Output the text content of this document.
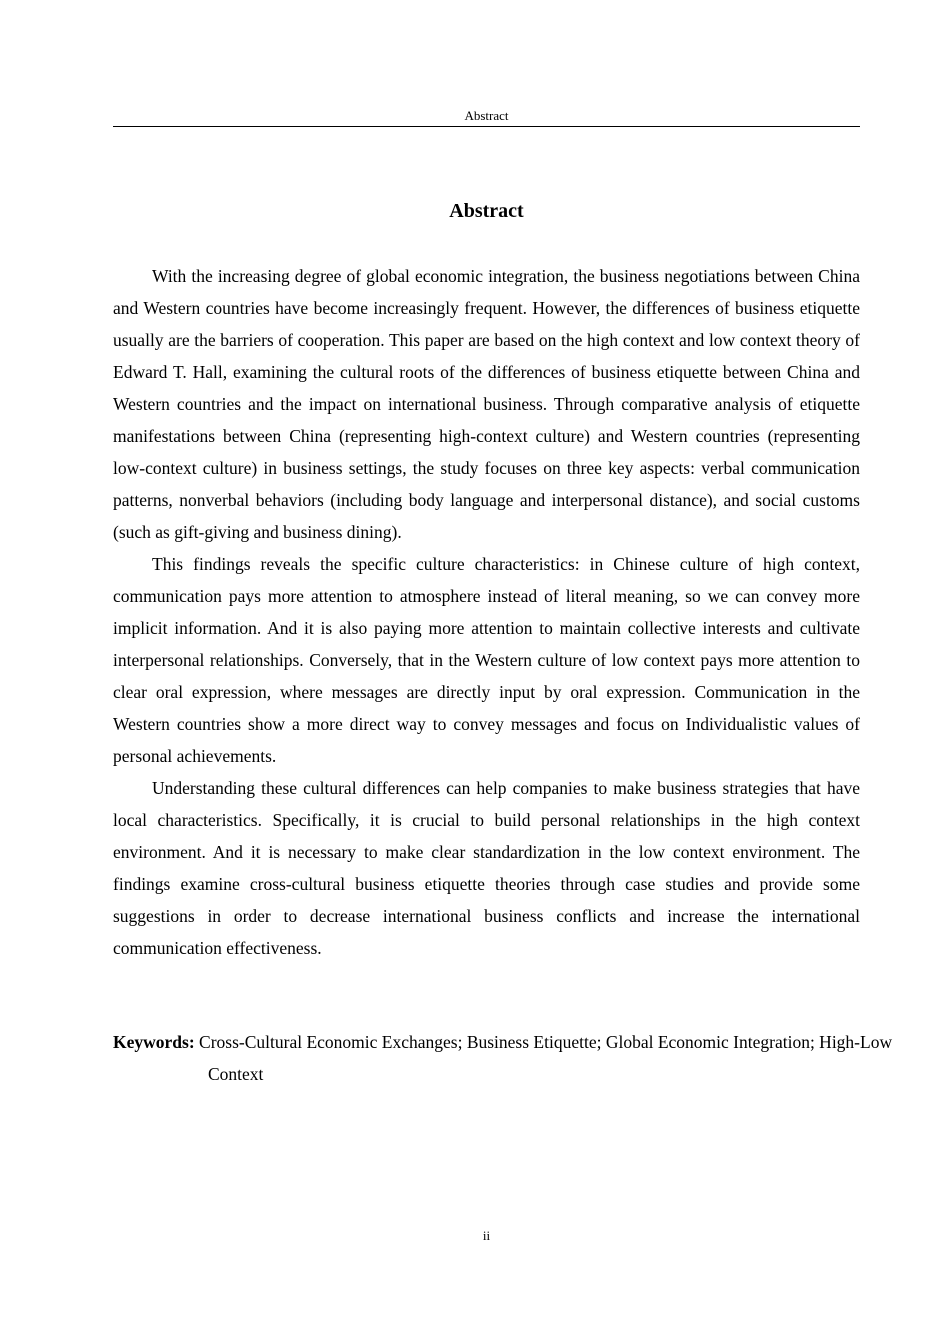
Abstract
Abstract

With the increasing degree of global economic integration, the business negotiations between China and Western countries have become increasingly frequent. However, the differences of business etiquette usually are the barriers of cooperation. This paper are based on the high context and low context theory of Edward T. Hall, examining the cultural roots of the differences of business etiquette between China and Western countries and the impact on international business. Through comparative analysis of etiquette manifestations between China (representing high-context culture) and Western countries (representing low-context culture) in business settings, the study focuses on three key aspects: verbal communication patterns, nonverbal behaviors (including body language and interpersonal distance), and social customs (such as gift-giving and business dining).

This findings reveals the specific culture characteristics: in Chinese culture of high context, communication pays more attention to atmosphere instead of literal meaning, so we can convey more implicit information. And it is also paying more attention to maintain collective interests and cultivate interpersonal relationships. Conversely, that in the Western culture of low context pays more attention to clear oral expression, where messages are directly input by oral expression. Communication in the Western countries show a more direct way to convey messages and focus on Individualistic values of personal achievements.

Understanding these cultural differences can help companies to make business strategies that have local characteristics. Specifically, it is crucial to build personal relationships in the high context environment. And it is necessary to make clear standardization in the low context environment. The findings examine cross-cultural business etiquette theories through case studies and provide some suggestions in order to decrease international business conflicts and increase the international communication effectiveness.

Keywords: Cross-Cultural Economic Exchanges; Business Etiquette; Global Economic Integration; High-Low Context
ii
